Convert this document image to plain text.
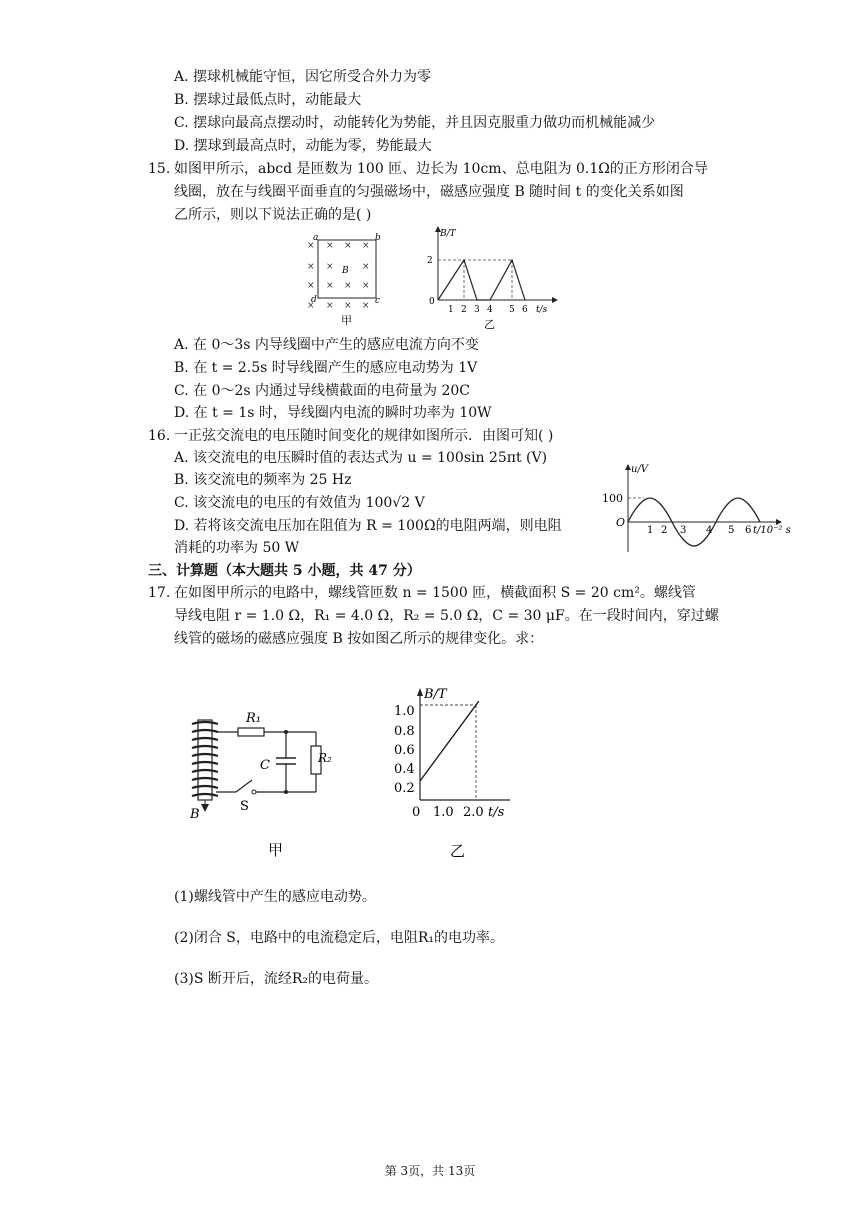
A. 摆球机械能守恒，因它所受合外力为零
B. 摆球过最低点时，动能最大
C. 摆球向最高点摆动时，动能转化为势能，并且因克服重力做功而机械能减少
D. 摆球到最高点时，动能为零，势能最大
15. 如图甲所示，abcd 是匝数为 100 匝、边长为 10cm、总电阻为 0.1Ω的正方形闭合导
线圈，放在与线圈平面垂直的匀强磁场中，磁感应强度 B 随时间 t 的变化关系如图
乙所示，则以下说法正确的是( )
× × × ×
× ×	×
× × × ×
× × × ×
a	b
c
d
B
甲
B/T
2
0
1 2 3 4 5 6 t/s
乙
A. 在 0～3s 内导线圈中产生的感应电流方向不变
B. 在 t = 2.5s 时导线圈产生的感应电动势为 1V
C. 在 0～2s 内通过导线横截面的电荷量为 20C
D. 在 t = 1s 时，导线圈内电流的瞬时功率为 10W
16. 一正弦交流电的电压随时间变化的规律如图所示．由图可知( )
A. 该交流电的电压瞬时值的表达式为 u = 100sin 25πt (V)
B. 该交流电的频率为 25 Hz
C. 该交流电的电压的有效值为 100√2 V
D. 若将该交流电压加在阻值为 R = 100Ω的电阻两端，则电阻
消耗的功率为 50 W
u/V
100
O
1 2 3 4 5 6 t/10⁻² s
三、计算题（本大题共 5 小题，共 47 分）
17. 在如图甲所示的电路中，螺线管匝数 n = 1500 匝，横截面积 S = 20 cm²。螺线管
导线电阻 r = 1.0 Ω，R₁ = 4.0 Ω，R₂ = 5.0 Ω，C = 30 μF。在一段时间内，穿过螺
线管的磁场的磁感应强度 B 按如图乙所示的规律变化。求：
B
R₁
C	R₂
S
甲
B/T
1.0
0.8
0.6
0.4
0.2
0 1.0 2.0 t/s
乙
(1)螺线管中产生的感应电动势。
(2)闭合 S，电路中的电流稳定后，电阻R₁的电功率。
(3)S 断开后，流经R₂的电荷量。
第 3页，共 13页
